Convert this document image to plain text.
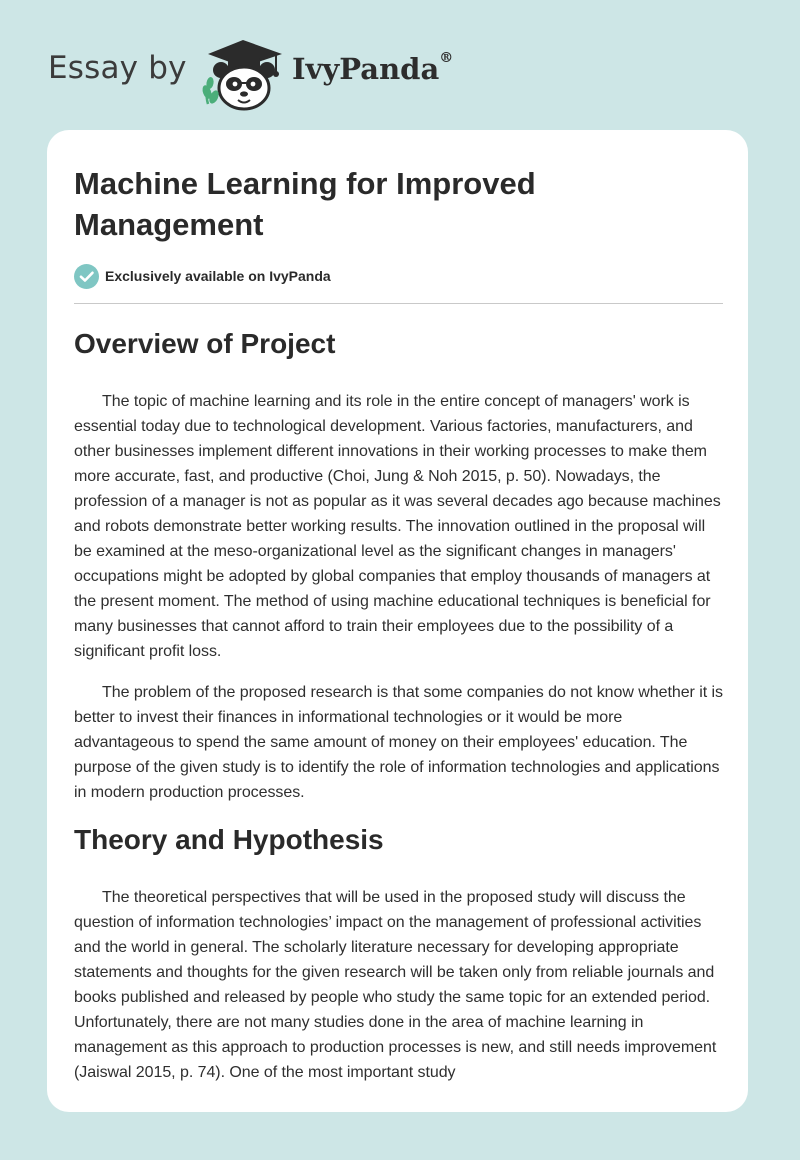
Essay by	IvyPanda®
Machine Learning for Improved Management
Exclusively available on IvyPanda
Overview of Project

The topic of machine learning and its role in the entire concept of managers' work is essential today due to technological development. Various factories, manufacturers, and other businesses implement different innovations in their working processes to make them more accurate, fast, and productive (Choi, Jung & Noh 2015, p. 50). Nowadays, the profession of a manager is not as popular as it was several decades ago because machines and robots demonstrate better working results. The innovation outlined in the proposal will be examined at the meso-organizational level as the significant changes in managers' occupations might be adopted by global companies that employ thousands of managers at the present moment. The method of using machine educational techniques is beneficial for many businesses that cannot afford to train their employees due to the possibility of a significant profit loss.

The problem of the proposed research is that some companies do not know whether it is better to invest their finances in informational technologies or it would be more advantageous to spend the same amount of money on their employees' education. The purpose of the given study is to identify the role of information technologies and applications in modern production processes.

Theory and Hypothesis

The theoretical perspectives that will be used in the proposed study will discuss the question of information technologies’ impact on the management of professional activities and the world in general. The scholarly literature necessary for developing appropriate statements and thoughts for the given research will be taken only from reliable journals and books published and released by people who study the same topic for an extended period. Unfortunately, there are not many studies done in the area of machine learning in management as this approach to production processes is new, and still needs improvement (Jaiswal 2015, p. 74). One of the most important study
